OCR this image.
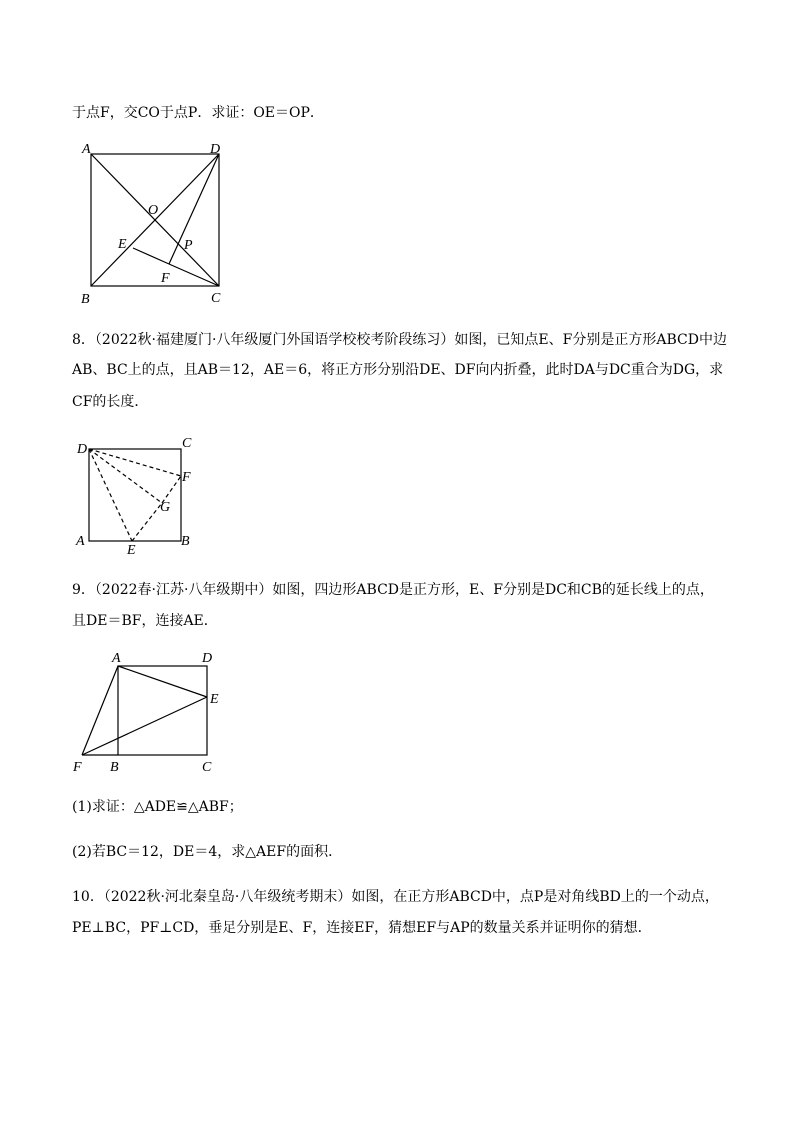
于点F，交CO于点P．求证：OE＝OP．
A	D
B	C
O
E	P
F
8．（2022秋·福建厦门·八年级厦门外国语学校校考阶段练习）如图，已知点E、F分别是正方形ABCD中边
AB、BC上的点，且AB＝12，AE＝6，将正方形分别沿DE、DF向内折叠，此时DA与DC重合为DG，求
CF的长度．
D	C
F
G
A	B
E
9．（2022春·江苏·八年级期中）如图，四边形ABCD是正方形，E、F分别是DC和CB的延长线上的点，
且DE＝BF，连接AE．
A	D
E
F B	C
(1)求证：△ADE≌△ABF；
(2)若BC＝12，DE＝4，求△AEF的面积．
10．（2022秋·河北秦皇岛·八年级统考期末）如图，在正方形ABCD中，点P是对角线BD上的一个动点，
PE⊥BC，PF⊥CD，垂足分别是E、F，连接EF，猜想EF与AP的数量关系并证明你的猜想．
